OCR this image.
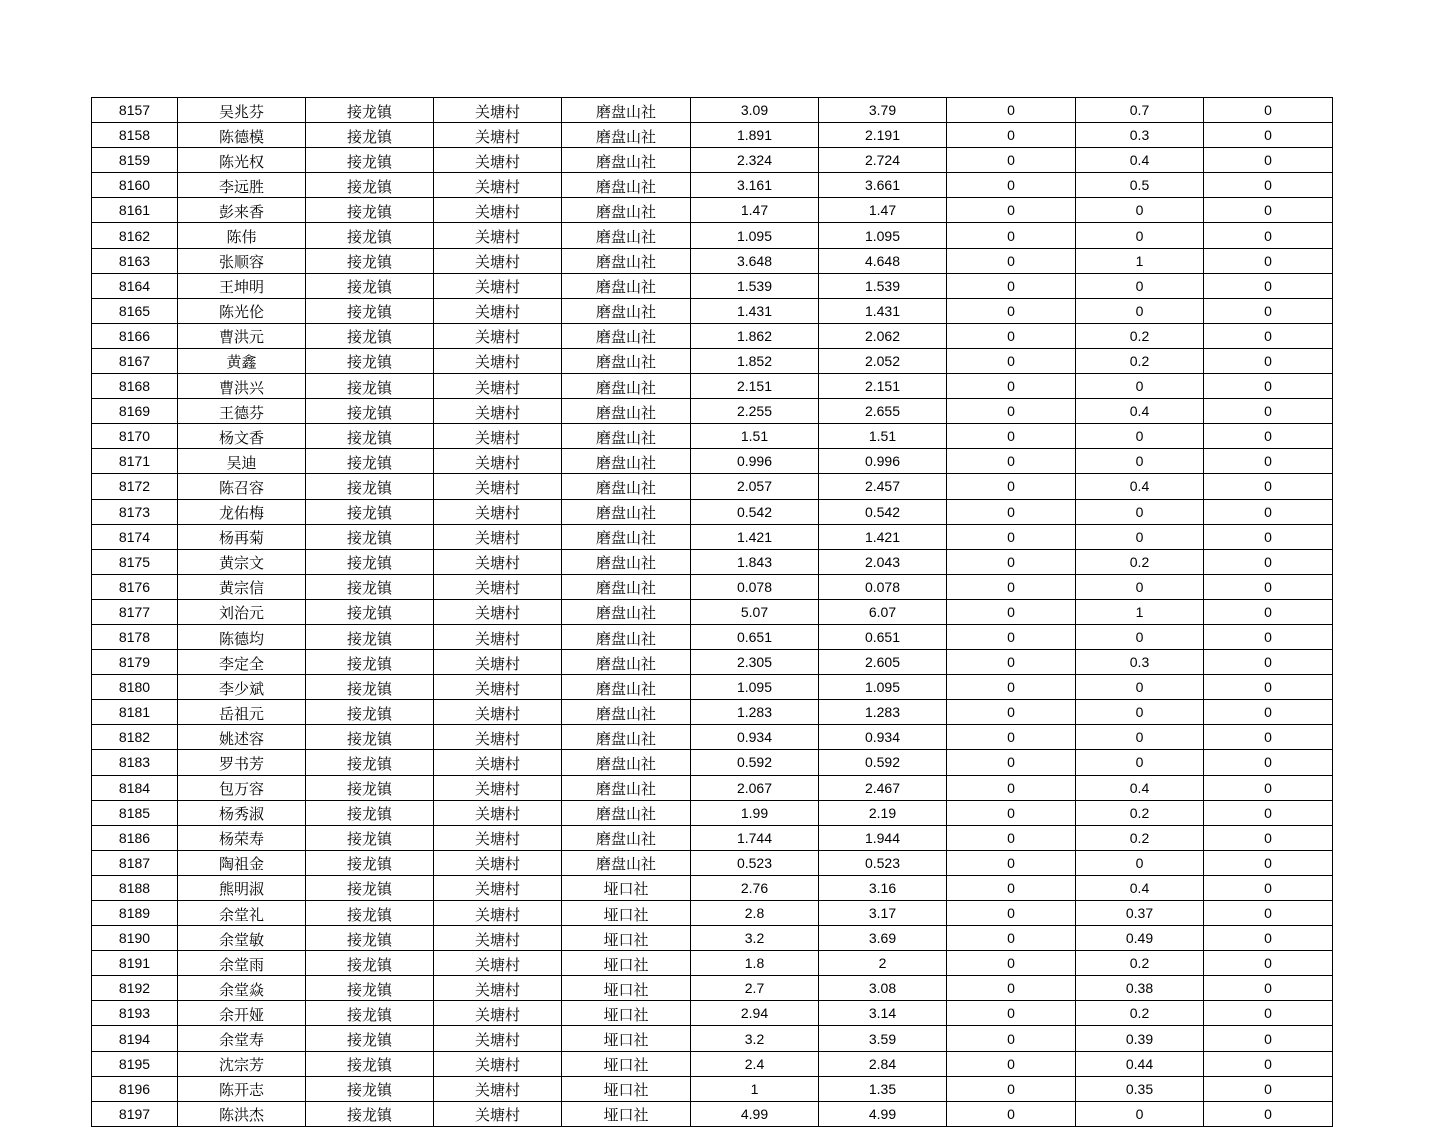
8157	吴兆芬	接龙镇	关塘村	磨盘山社	3.09	3.79	0	0.7	0
8158	陈德模	接龙镇	关塘村	磨盘山社	1.891	2.191	0	0.3	0
8159	陈光权	接龙镇	关塘村	磨盘山社	2.324	2.724	0	0.4	0
8160	李远胜	接龙镇	关塘村	磨盘山社	3.161	3.661	0	0.5	0
8161	彭来香	接龙镇	关塘村	磨盘山社	1.47	1.47	0	0	0
8162	陈伟	接龙镇	关塘村	磨盘山社	1.095	1.095	0	0	0
8163	张顺容	接龙镇	关塘村	磨盘山社	3.648	4.648	0	1	0
8164	王坤明	接龙镇	关塘村	磨盘山社	1.539	1.539	0	0	0
8165	陈光伦	接龙镇	关塘村	磨盘山社	1.431	1.431	0	0	0
8166	曹洪元	接龙镇	关塘村	磨盘山社	1.862	2.062	0	0.2	0
8167	黄鑫	接龙镇	关塘村	磨盘山社	1.852	2.052	0	0.2	0
8168	曹洪兴	接龙镇	关塘村	磨盘山社	2.151	2.151	0	0	0
8169	王德芬	接龙镇	关塘村	磨盘山社	2.255	2.655	0	0.4	0
8170	杨文香	接龙镇	关塘村	磨盘山社	1.51	1.51	0	0	0
8171	吴迪	接龙镇	关塘村	磨盘山社	0.996	0.996	0	0	0
8172	陈召容	接龙镇	关塘村	磨盘山社	2.057	2.457	0	0.4	0
8173	龙佑梅	接龙镇	关塘村	磨盘山社	0.542	0.542	0	0	0
8174	杨再菊	接龙镇	关塘村	磨盘山社	1.421	1.421	0	0	0
8175	黄宗文	接龙镇	关塘村	磨盘山社	1.843	2.043	0	0.2	0
8176	黄宗信	接龙镇	关塘村	磨盘山社	0.078	0.078	0	0	0
8177	刘治元	接龙镇	关塘村	磨盘山社	5.07	6.07	0	1	0
8178	陈德均	接龙镇	关塘村	磨盘山社	0.651	0.651	0	0	0
8179	李定全	接龙镇	关塘村	磨盘山社	2.305	2.605	0	0.3	0
8180	李少斌	接龙镇	关塘村	磨盘山社	1.095	1.095	0	0	0
8181	岳祖元	接龙镇	关塘村	磨盘山社	1.283	1.283	0	0	0
8182	姚述容	接龙镇	关塘村	磨盘山社	0.934	0.934	0	0	0
8183	罗书芳	接龙镇	关塘村	磨盘山社	0.592	0.592	0	0	0
8184	包万容	接龙镇	关塘村	磨盘山社	2.067	2.467	0	0.4	0
8185	杨秀淑	接龙镇	关塘村	磨盘山社	1.99	2.19	0	0.2	0
8186	杨荣寿	接龙镇	关塘村	磨盘山社	1.744	1.944	0	0.2	0
8187	陶祖金	接龙镇	关塘村	磨盘山社	0.523	0.523	0	0	0
8188	熊明淑	接龙镇	关塘村	垭口社	2.76	3.16	0	0.4	0
8189	余堂礼	接龙镇	关塘村	垭口社	2.8	3.17	0	0.37	0
8190	余堂敏	接龙镇	关塘村	垭口社	3.2	3.69	0	0.49	0
8191	余堂雨	接龙镇	关塘村	垭口社	1.8	2	0	0.2	0
8192	余堂焱	接龙镇	关塘村	垭口社	2.7	3.08	0	0.38	0
8193	余开娅	接龙镇	关塘村	垭口社	2.94	3.14	0	0.2	0
8194	余堂寿	接龙镇	关塘村	垭口社	3.2	3.59	0	0.39	0
8195	沈宗芳	接龙镇	关塘村	垭口社	2.4	2.84	0	0.44	0
8196	陈开志	接龙镇	关塘村	垭口社	1	1.35	0	0.35	0
8197	陈洪杰	接龙镇	关塘村	垭口社	4.99	4.99	0	0	0
